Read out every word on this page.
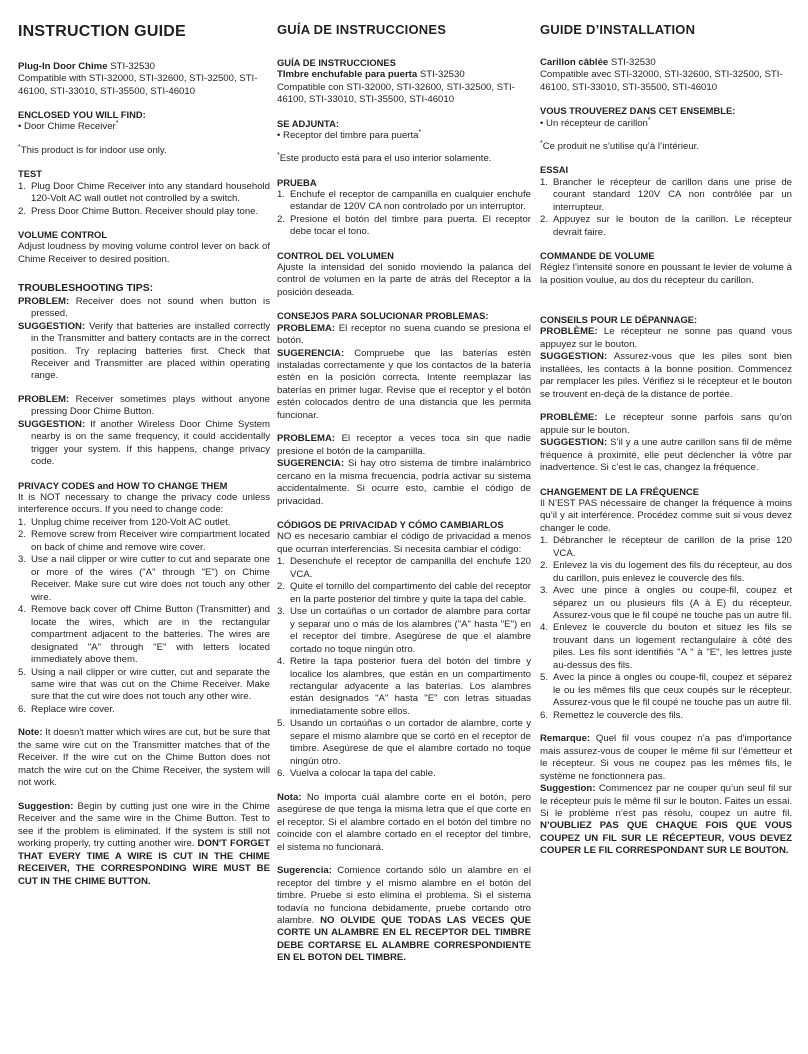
INSTRUCTION GUIDE

Plug-In Door Chime STI-32530

Compatible with STI-32000, STI-32600, STI-32500, STI-46100, STI-33010, STI-35500, STI-46010

ENCLOSED YOU WILL FIND:

• Door Chime Receiver*

*This product is for indoor use only.

TEST

1. Plug Door Chime Receiver into any standard household 120-Volt AC wall outlet not controlled by a switch.
2. Press Door Chime Button. Receiver should play tone.

VOLUME CONTROL

Adjust loudness by moving volume control lever on back of Chime Receiver to desired position.

TROUBLESHOOTING TIPS:

PROBLEM: Receiver does not sound when button is pressed.

SUGGESTION: Verify that batteries are installed correctly in the Transmitter and battery contacts are in the correct position. Try replacing batteries first. Check that Receiver and Transmitter are placed within operating range.

PROBLEM: Receiver sometimes plays without anyone pressing Door Chime Button.

SUGGESTION: If another Wireless Door Chime System nearby is on the same frequency, it could accidentally trigger your system. If this happens, change privacy code.

PRIVACY CODES and HOW TO CHANGE THEM

It is NOT necessary to change the privacy code unless interference occurs. If you need to change code:

1. Unplug chime receiver from 120-Volt AC outlet.
2. Remove screw from Receiver wire compartment located on back of chime and remove wire cover.
3. Use a nail clipper or wire cutter to cut and separate one or more of the wires ("A" through "E") on Chime Receiver. Make sure cut wire does not touch any other wire.
4. Remove back cover off Chime Button (Transmitter) and locate the wires, which are in the rectangular compartment adjacent to the batteries. The wires are designated "A" through "E" with letters located immediately above them.
5. Using a nail clipper or wire cutter, cut and separate the same wire that was cut on the Chime Receiver. Make sure that the cut wire does not touch any other wire.
6. Replace wire cover.

Note: It doesn't matter which wires are cut, but be sure that the same wire cut on the Transmitter matches that of the Receiver. If the wire cut on the Chime Button does not match the wire cut on the Chime Receiver, the system will not work.

Suggestion: Begin by cutting just one wire in the Chime Receiver and the same wire in the Chime Button. Test to see if the problem is eliminated. If the system is still not working properly, try cutting another wire. DON'T FORGET THAT EVERY TIME A WIRE IS CUT IN THE CHIME RECEIVER, THE CORRESPONDING WIRE MUST BE CUT IN THE CHIME BUTTON.

GUÍA DE INSTRUCCIONES

GUÍA DE INSTRUCCIONES

TImbre enchufable para puerta STI-32530

Compatible con STI-32000, STI-32600, STI-32500, STI-46100, STI-33010, STI-35500, STI-46010

SE ADJUNTA:

• Receptor del timbre para puerta*

*Este producto está para el uso interior solamente.

PRUEBA

1. Enchufe el receptor de campanilla en cualquier enchufe estandar de 120V CA non controlado por un interruptor.
2. Presione el botón del timbre para puerta. El receptor debe tocar el tono.

CONTROL DEL VOLUMEN

Ajuste la intensidad del sonido moviendo la palanca del control de volumen en la parte de atrás del Receptor a la posición deseada.

CONSEJOS PARA SOLUCIONAR PROBLEMAS:

PROBLEMA: El receptor no suena cuando se presiona el botón.

SUGERENCIA: Compruebe que las baterías estén instaladas correctamente y que los contactos de la batería estén en la posición correcta. Intente reemplazar las baterías en primer lugar. Revise que el receptor y el botón estén colocados dentro de una distancia que les permita funcionar.

PROBLEMA: El receptor a veces toca sin que nadie presione el botón de la campanilla.

SUGERENCIA: Si hay otro sistema de timbre inalámbrico cercano en la misma frecuencia, podría activar su sistema accidentalmente. Si ocurre esto, cambie el código de privacidad.

CÓDIGOS DE PRIVACIDAD Y CÓMO CAMBIARLOS

NO es necesario cambiar el código de privacidad a menos que ocurran interferencias. Si necesita cambiar el código:

1. Desenchufe el receptor de campanilla del enchufe 120 VCA.
2. Quite el tornillo del compartimento del cable del receptor en la parte posterior del timbre y quite la tapa del cable.
3. Use un cortaúñas o un cortador de alambre para cortar y separar uno o más de los alambres ("A" hasta "E") en el receptor del timbre. Asegúrese de que el alambre cortado no toque ningún otro.
4. Retire la tapa posterior fuera del botón del timbre y localice los alambres, que están en un compartimento rectangular adyacente a las baterías. Los alambres están designados "A" hasta "E" con letras situadas inmediatamente sobre ellos.
5. Usando un cortaúñas o un cortador de alambre, corte y separe el mismo alambre que se cortó en el receptor de timbre. Asegúrese de que el alambre cortado no toque ningún otro.
6. Vuelva a colocar la tapa del cable.

Nota: No importa cuál alambre corte en el botón, pero asegúrese de que tenga la misma letra que el que corte en el receptor. Si el alambre cortado en el botón del timbre no coincide con el alambre cortado en el receptor del timbre, el sistema no funcionará.

Sugerencia: Comience cortando sólo un alambre en el receptor del timbre y el mismo alambre en el botón del timbre. Pruebe si esto elimina el problema. Si el sistema todavía no funciona debidamente, pruebe cortando otro alambre. NO OLVIDE QUE TODAS LAS VECES QUE CORTE UN ALAMBRE EN EL RECEPTOR DEL TIMBRE DEBE CORTARSE EL ALAMBRE CORRESPONDIENTE EN EL BOTON DEL TIMBRE.

GUIDE D’INSTALLATION

Carillon câblée STI-32530

Compatible avec STI-32000, STI-32600, STI-32500, STI-46100, STI-33010, STI-35500, STI-46010

VOUS TROUVEREZ DANS CET ENSEMBLE:

• Un récepteur de carillon*

*Ce produit ne s’utilise qu’à l’intérieur.

ESSAI

1. Brancher le récepteur de carillon dans une prise de courant standard 120V CA non contrôlée par un interrupteur.
2. Appuyez sur le bouton de la carillon. Le récepteur devrait faire.

COMMANDE DE VOLUME

Réglez l’intensité sonore en poussant le levier de volume à la position voulue, au dos du récepteur du carillon.

CONSEILS POUR LE DÉPANNAGE:

PROBLÈME: Le récepteur ne sonne pas quand vous appuyez sur le bouton.

SUGGESTION: Assurez-vous que les piles sont bien installées, les contacts à la bonne position. Commencez par remplacer les piles. Vérifiez si le récepteur et le bouton se trouvent en-deçà de la distance de portée.

PROBLÈME: Le récepteur sonne parfois sans qu’on appuie sur le bouton.

SUGGESTION: S’il y a une autre carillon sans fil de même fréquence à proximité, elle peut déclencher la vôtre par inadvertence. Si c’est le cas, changez la fréquence.

CHANGEMENT DE LA FRÉQUENCE

Il N’EST PAS nécessaire de changer la fréquence à moins qu’il y ait interférence. Procédez comme suit si vous devez changer le code.

1. Débrancher le récepteur de carillon de la prise 120 VCA.
2. Enlevez la vis du logement des fils du récepteur, au dos du carillon, puis enlevez le couvercle des fils.
3. Avec une pince à ongles ou coupe-fil, coupez et séparez un ou plusieurs fils (A à E) du récepteur. Assurez-vous que le fil coupé ne touche pas un autre fil.
4. Enlevez le couvercle du bouton et situez les fils se trouvant dans un logement rectangulaire à côté des piles. Les fils sont identifiés "A " à "E", les lettres juste au-dessus des fils.
5. Avec la pince à ongles ou coupe-fil, coupez et séparez le ou les mêmes fils que ceux coupés sur le récepteur. Assurez-vous que le fil coupé ne touche pas un autre fil.
6. Remettez le couvercle des fils.

Remarque: Quel fil vous coupez n’a pas d’importance mais assurez-vous de couper le même fil sur l’émetteur et le récepteur. Si vous ne coupez pas les mêmes fils, le système ne fonctionnera pas.

Suggestion: Commencez par ne couper qu’un seul fil sur le récepteur puis le même fil sur le bouton. Faites un essai. Si le problème n’est pas résolu, coupez un autre fil. N’OUBLIEZ PAS QUE CHAQUE FOIS QUE VOUS COUPEZ UN FIL SUR LE RÉCEPTEUR, VOUS DEVEZ COUPER LE FIL CORRESPONDANT SUR LE BOUTON.
